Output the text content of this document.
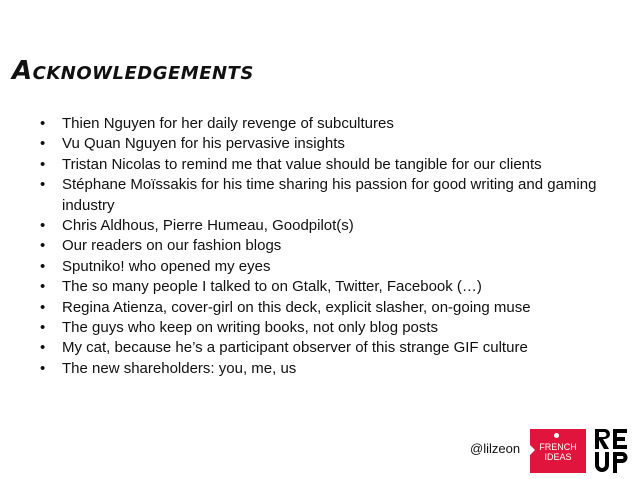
Acknowledgements
• Thien Nguyen for her daily revenge of subcultures
• Vu Quan Nguyen for his pervasive insights
• Tristan Nicolas to remind me that value should be tangible for our clients
• Stéphane Moïssakis for his time sharing his passion for good writing and gaming industry
• Chris Aldhous, Pierre Humeau, Goodpilot(s)
• Our readers on our fashion blogs
• Sputnikо! who opened my eyes
• The so many people I talked to on Gtalk, Twitter, Facebook (…)
• Regina Atienza, cover-girl on this deck, explicit slasher, on-going muse
• The guys who keep on writing books, not only blog posts
• My cat, because he’s a participant observer of this strange GIF culture
• The new shareholders: you, me, us
@lilzeon	FRENCH
IDEAS
